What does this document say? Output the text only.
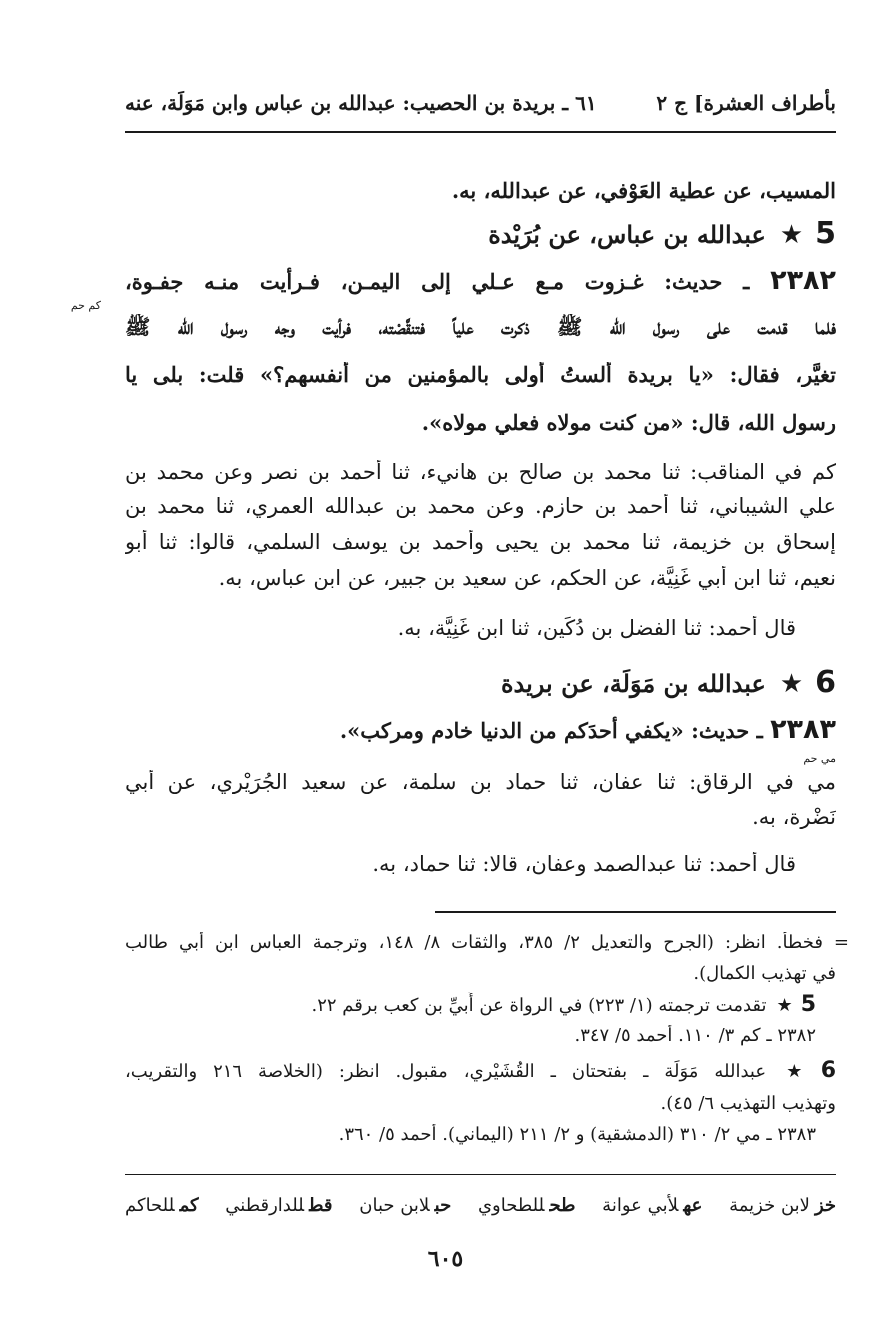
بأطراف العشرة] ج ٢
٦١ ـ بريدة بن الحصيب: عبدالله بن عباس وابن مَوَلَة، عنه
المسيب، عن عطية العَوْفي، عن عبدالله، به.
5★عبدالله بن عباس، عن بُرَيْدة
٢٣٨٢ ـ حديث: غـزوت مـع عـلي إلى اليمـن، فـرأيت منـه جفـوة،
كم حم
فلما قدمت على رسول الله ﷺ ذكرت علياً فتنقَّصْته، فرأيت وجه رسول الله ﷺ
تغيَّر، فقال: «يا بريدة ألستُ أولى بالمؤمنين من أنفسهم؟» قلت: بلى يا
رسول الله، قال: «من كنت مولاه فعلي مولاه».
كم في المناقب: ثنا محمد بن صالح بن هانيء، ثنا أحمد بن نصر وعن محمد بن
علي الشيباني، ثنا أحمد بن حازم. وعن محمد بن عبدالله العمري، ثنا محمد بن
إسحاق بن خزيمة، ثنا محمد بن يحيى وأحمد بن يوسف السلمي، قالوا: ثنا أبو
نعيم، ثنا ابن أبي غَنِيَّة، عن الحكم، عن سعيد بن جبير، عن ابن عباس، به.
قال أحمد: ثنا الفضل بن دُكَين، ثنا ابن غَنِيَّة، به.
6★عبدالله بن مَوَلَة، عن بريدة
٢٣٨٣ ـ حديث: «يكفي أحدَكم من الدنيا خادم ومركب».
مي حم
مي في الرقاق: ثنا عفان، ثنا حماد بن سلمة، عن سعيد الجُرَيْري، عن أبي
نَضْرة، به.
قال أحمد: ثنا عبدالصمد وعفان، قالا: ثنا حماد، به.
= فخطأ. انظر: (الجرح والتعديل ٢/ ٣٨٥، والثقات ٨/ ١٤٨، وترجمة العباس ابن أبي طالب
في تهذيب الكمال).
5★تقدمت ترجمته (١/ ٢٢٣) في الرواة عن أُبيِّ بن كعب برقم ٢٢.
٢٣٨٢ ـ كم ٣/ ١١٠. أحمد ٥/ ٣٤٧.
6★عبدالله مَوَلَة ـ بفتحتان ـ القُشَيْري، مقبول. انظر: (الخلاصة ٢١٦ والتقريب،
وتهذيب التهذيب ٦/ ٤٥).
٢٣٨٣ ـ مي ٢/ ٣١٠ (الدمشقية) و ٢/ ٢١١ (اليماني). أحمد ٥/ ٣٦٠.
خزلابن خزيمة
عهلأبي عوانة
طحللطحاوي
حبلابن حبان
قطللدارقطني
كمللحاكم
٦٠٥
